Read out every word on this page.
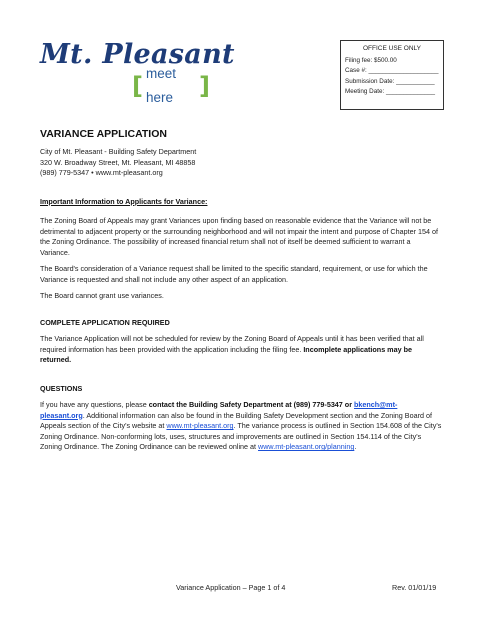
Mt. Pleasant
[ meet here	]
OFFICE USE ONLY
Filing fee: $500.00
Case #: ____________________
Submission Date: ___________
Meeting Date: ______________
VARIANCE APPLICATION
City of Mt. Pleasant - Building Safety Department
320 W. Broadway Street, Mt. Pleasant, MI 48858
(989) 779-5347 • www.mt-pleasant.org
Important Information to Applicants for Variance:

The Zoning Board of Appeals may grant Variances upon finding based on reasonable evidence that the Variance will not be detrimental to adjacent property or the surrounding neighborhood and will not impair the intent and purpose of Chapter 154 of the Zoning Ordinance. The possibility of increased financial return shall not of itself be deemed sufficient to warrant a Variance.

The Board's consideration of a Variance request shall be limited to the specific standard, requirement, or use for which the Variance is requested and shall not include any other aspect of an application.

The Board cannot grant use variances.

COMPLETE APPLICATION REQUIRED

The Variance Application will not be scheduled for review by the Zoning Board of Appeals until it has been verified that all required information has been provided with the application including the filing fee. Incomplete applications may be returned.

QUESTIONS

If you have any questions, please contact the Building Safety Department at (989) 779-5347 or bkench@mt-pleasant.org. Additional information can also be found in the Building Safety Development section and the Zoning Board of Appeals section of the City's website at www.mt-pleasant.org. The variance process is outlined in Section 154.608 of the City's Zoning Ordinance. Non-conforming lots, uses, structures and improvements are outlined in Section 154.114 of the City's Zoning Ordinance. The Zoning Ordinance can be reviewed online at www.mt-pleasant.org/planning.

Variance Application – Page 1 of 4	Rev. 01/01/19
